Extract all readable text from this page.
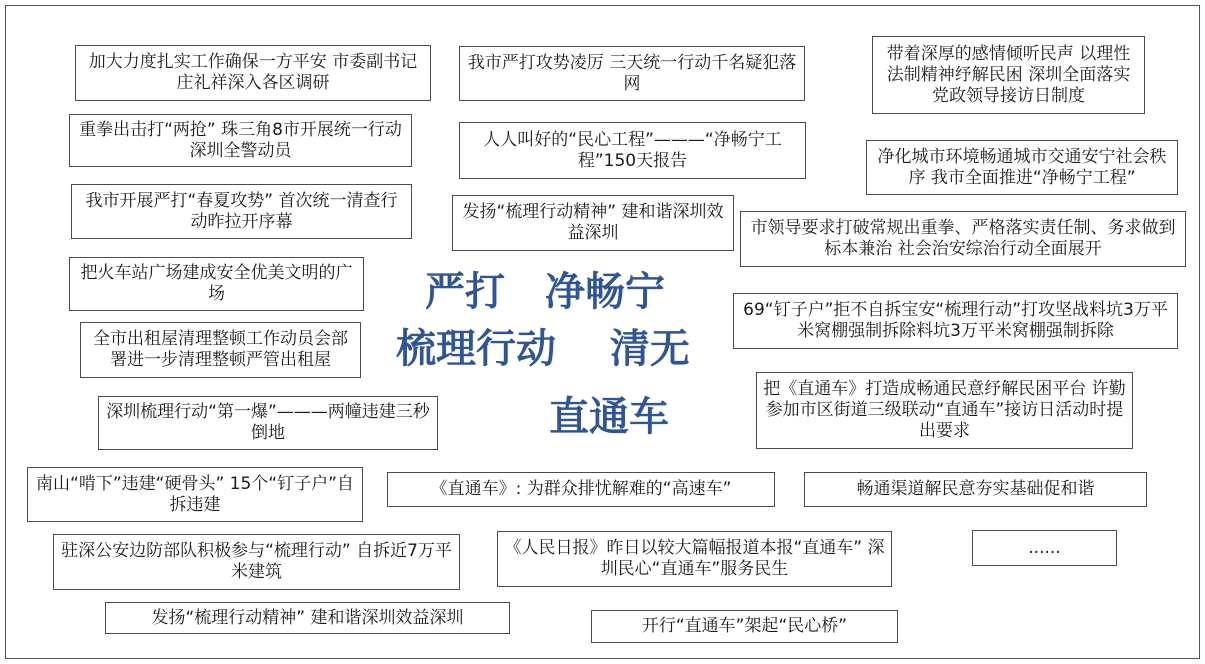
加大力度扎实工作确保一方平安 市委副书记庄礼祥深入各区调研
重拳出击打“两抢” 珠三角8市开展统一行动深圳全警动员
我市开展严打“春夏攻势” 首次统一清查行动昨拉开序幕
把火车站广场建成安全优美文明的广场
全市出租屋清理整顿工作动员会部署进一步清理整顿严管出租屋
深圳梳理行动“第一爆”———两幢违建三秒倒地
南山“啃下”违建“硬骨头” 15个“钉子户”自拆违建
驻深公安边防部队积极参与“梳理行动” 自拆近7万平米建筑
发扬“梳理行动精神” 建和谐深圳效益深圳
我市严打攻势凌厉 三天统一行动千名疑犯落网
人人叫好的“民心工程”———“净畅宁工程”150天报告
发扬“梳理行动精神” 建和谐深圳效益深圳
《直通车》: 为群众排忧解难的“高速车”
《人民日报》昨日以较大篇幅报道本报“直通车” 深圳民心“直通车”服务民生
开行“直通车”架起“民心桥”
带着深厚的感情倾听民声 以理性法制精神纾解民困 深圳全面落实党政领导接访日制度
净化城市环境畅通城市交通安宁社会秩序 我市全面推进“净畅宁工程”
市领导要求打破常规出重拳、严格落实责任制、务求做到标本兼治 社会治安综治行动全面展开
69“钉子户”拒不自拆宝安“梳理行动”打攻坚战料坑3万平米窝棚强制拆除料坑3万平米窝棚强制拆除
把《直通车》打造成畅通民意纾解民困平台 许勤参加市区街道三级联动“直通车”接访日活动时提出要求
畅通渠道解民意夯实基础促和谐
......
严打　净畅宁
梳理行动　 清无
直通车
